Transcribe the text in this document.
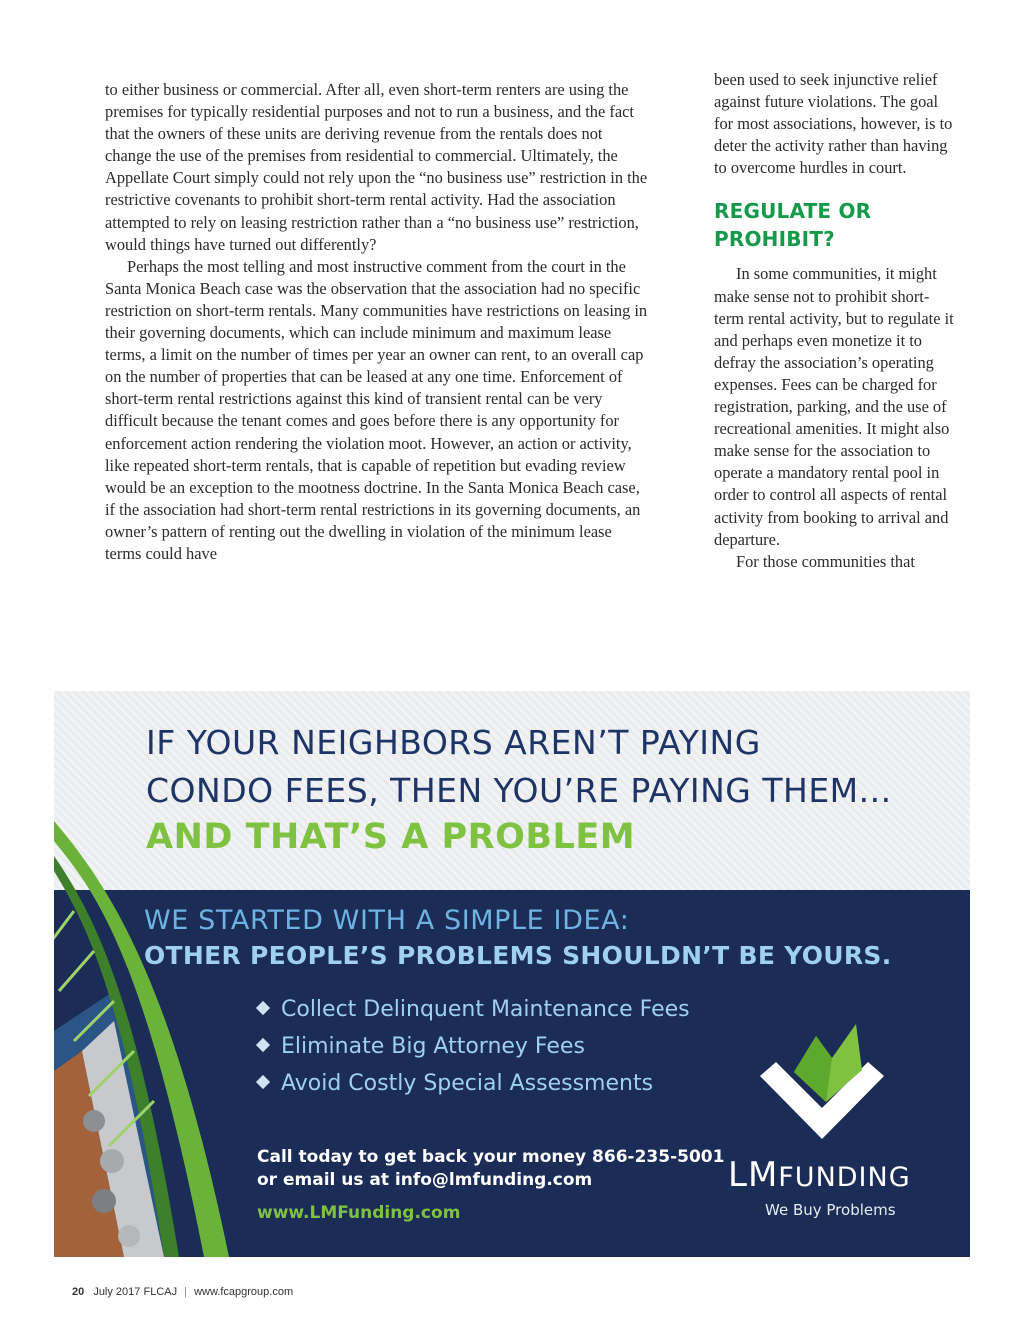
to either business or commercial. After all, even short-term renters are using the premises for typically residential purposes and not to run a business, and the fact that the owners of these units are deriving revenue from the rentals does not change the use of the premises from residential to commercial. Ultimately, the Appellate Court simply could not rely upon the “no business use” restriction in the restrictive covenants to prohibit short-term rental activity. Had the association attempted to rely on leasing restriction rather than a “no business use” restriction, would things have turned out differently?

Perhaps the most telling and most instructive comment from the court in the Santa Monica Beach case was the observation that the association had no specific restriction on short-term rentals. Many communities have restrictions on leasing in their governing documents, which can include minimum and maximum lease terms, a limit on the number of times per year an owner can rent, to an overall cap on the number of properties that can be leased at any one time. Enforcement of short-term rental restrictions against this kind of transient rental can be very difficult because the tenant comes and goes before there is any opportunity for enforcement action rendering the violation moot. However, an action or activity, like repeated short-term rentals, that is capable of repetition but evading review would be an exception to the mootness doctrine. In the Santa Monica Beach case, if the association had short-term rental restrictions in its governing documents, an owner’s pattern of renting out the dwelling in violation of the minimum lease terms could have

been used to seek injunctive relief against future violations. The goal for most associations, however, is to deter the activity rather than having to overcome hurdles in court.

REGULATE OR
PROHIBIT?

In some communities, it might make sense not to prohibit short-term rental activity, but to regulate it and perhaps even monetize it to defray the association’s operating expenses. Fees can be charged for registration, parking, and the use of recreational amenities. It might also make sense for the association to operate a mandatory rental pool in order to control all aspects of rental activity from booking to arrival and departure.

For those communities that

IF YOUR NEIGHBORS AREN’T PAYING
CONDO FEES, THEN YOU’RE PAYING THEM...
AND THAT’S A PROBLEM
WE STARTED WITH A SIMPLE IDEA:
OTHER PEOPLE’S PROBLEMS SHOULDN’T BE YOURS.
Collect Delinquent Maintenance Fees
Eliminate Big Attorney Fees
Avoid Costly Special Assessments
Call today to get back your money 866-235-5001
or email us at info@lmfunding.com
www.LMFunding.com
LMFUNDING
We Buy Problems
20 July 2017 FLCAJ | www.fcapgroup.com
